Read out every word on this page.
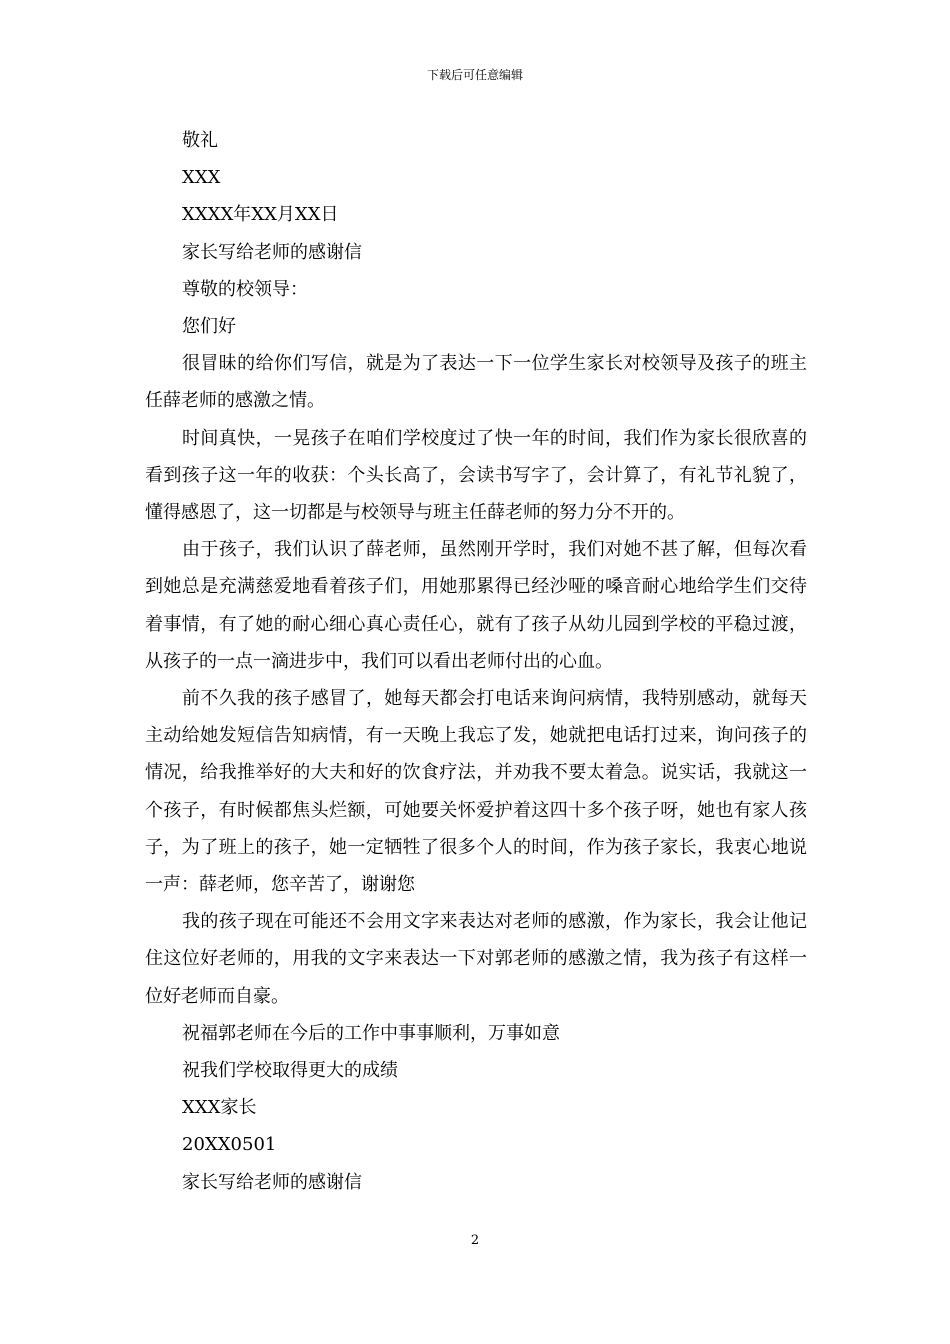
下载后可任意编辑

敬礼

XXX

XXXX年XX月XX日

家长写给老师的感谢信

尊敬的校领导：

您们好

很冒昧的给你们写信，就是为了表达一下一位学生家长对校领导及孩子的班主任薛老师的感激之情。

时间真快，一晃孩子在咱们学校度过了快一年的时间，我们作为家长很欣喜的看到孩子这一年的收获：个头长高了，会读书写字了，会计算了，有礼节礼貌了，懂得感恩了，这一切都是与校领导与班主任薛老师的努力分不开的。

由于孩子，我们认识了薛老师，虽然刚开学时，我们对她不甚了解，但每次看到她总是充满慈爱地看着孩子们，用她那累得已经沙哑的嗓音耐心地给学生们交待着事情，有了她的耐心细心真心责任心，就有了孩子从幼儿园到学校的平稳过渡，从孩子的一点一滴进步中，我们可以看出老师付出的心血。

前不久我的孩子感冒了，她每天都会打电话来询问病情，我特别感动，就每天主动给她发短信告知病情，有一天晚上我忘了发，她就把电话打过来，询问孩子的情况，给我推举好的大夫和好的饮食疗法，并劝我不要太着急。说实话，我就这一个孩子，有时候都焦头烂额，可她要关怀爱护着这四十多个孩子呀，她也有家人孩子，为了班上的孩子，她一定牺牲了很多个人的时间，作为孩子家长，我衷心地说一声：薛老师，您辛苦了，谢谢您

我的孩子现在可能还不会用文字来表达对老师的感激，作为家长，我会让他记住这位好老师的，用我的文字来表达一下对郭老师的感激之情，我为孩子有这样一位好老师而自豪。

祝福郭老师在今后的工作中事事顺利，万事如意

祝我们学校取得更大的成绩

XXX家长

20XX0501

家长写给老师的感谢信

2
